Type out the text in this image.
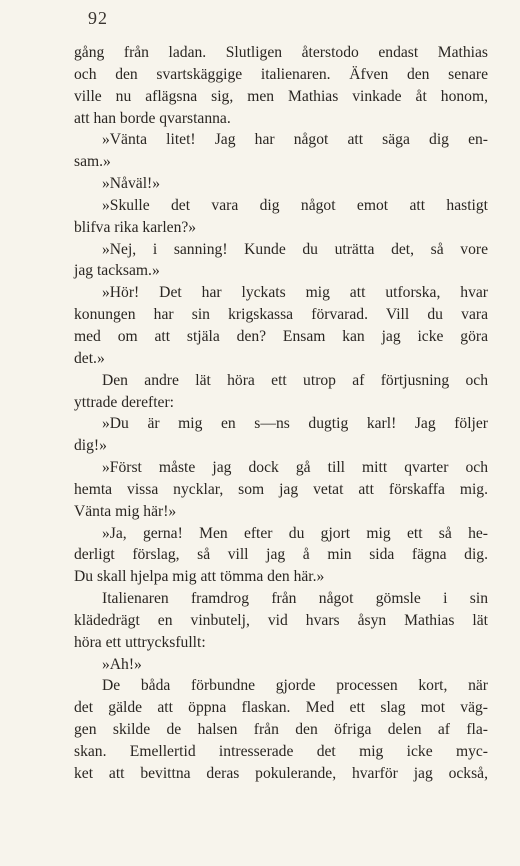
92
gång från ladan. Slutligen återstodo endast Mathias
och den svartskäggige italienaren. Äfven den senare
ville nu aflägsna sig, men Mathias vinkade åt honom,
att han borde qvarstanna.
»Vänta litet! Jag har något att säga dig en-
sam.»
»Nåväl!»
»Skulle det vara dig något emot att hastigt
blifva rika karlen?»
»Nej, i sanning! Kunde du uträtta det, så vore
jag tacksam.»
»Hör! Det har lyckats mig att utforska, hvar
konungen har sin krigskassa förvarad. Vill du vara
med om att stjäla den? Ensam kan jag icke göra
det.»
Den andre lät höra ett utrop af förtjusning och
yttrade derefter:
»Du är mig en s—ns dugtig karl! Jag följer
dig!»
»Först måste jag dock gå till mitt qvarter och
hemta vissa nycklar, som jag vetat att förskaffa mig.
Vänta mig här!»
»Ja, gerna! Men efter du gjort mig ett så he-
derligt förslag, så vill jag å min sida fägna dig.
Du skall hjelpa mig att tömma den här.»
Italienaren framdrog från något gömsle i sin
klädedrägt en vinbutelj, vid hvars åsyn Mathias lät
höra ett uttrycksfullt:
»Ah!»
De båda förbundne gjorde processen kort, när
det gälde att öppna flaskan. Med ett slag mot väg-
gen skilde de halsen från den öfriga delen af fla-
skan. Emellertid intresserade det mig icke myc-
ket att bevittna deras pokulerande, hvarför jag också,
